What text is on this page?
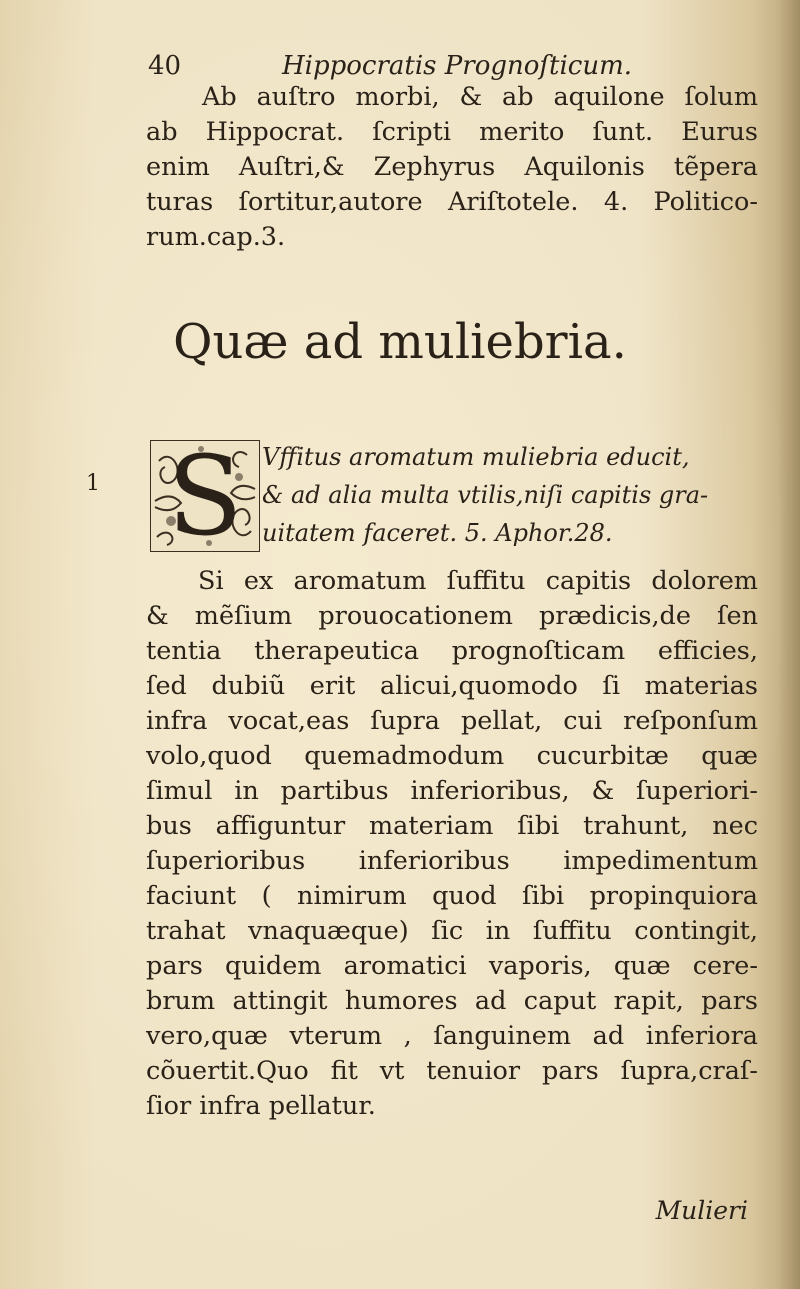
40	Hippocratis Prognoſticum.
Ab auſtro morbi, & ab aquilone ſolum
ab Hippocrat. ſcripti merito ſunt. Eurus
enim Auſtri,& Zephyrus Aquilonis tẽpera
turas ſortitur,autore Ariſtotele. 4. Politico-
rum.cap.3.
Quæ ad muliebria.
1 S Vffitus aromatum muliebria educit,
& ad alia multa vtilis,niſi capitis gra-
uitatem faceret. 5. Aphor.28.
Si ex aromatum ſuffitu capitis dolorem
& mẽſium prouocationem prædicis,de ſen
tentia therapeutica prognoſticam efficies,
ſed dubiũ erit alicui,quomodo ſi materias
infra vocat,eas ſupra pellat, cui reſponſum
volo,quod quemadmodum cucurbitæ quæ
ſimul in partibus inferioribus, & ſuperiori-
bus affiguntur materiam ſibi trahunt, nec
ſuperioribus inferioribus impedimentum
faciunt ( nimirum quod ſibi propinquiora
trahat vnaquæque) ſic in ſuffitu contingit,
pars quidem aromatici vaporis, quæ cere-
brum attingit humores ad caput rapit, pars
vero,quæ vterum , ſanguinem ad inferiora
cõuertit.Quo fit vt tenuior pars ſupra,craſ-
ſior infra pellatur.
Mulieri
